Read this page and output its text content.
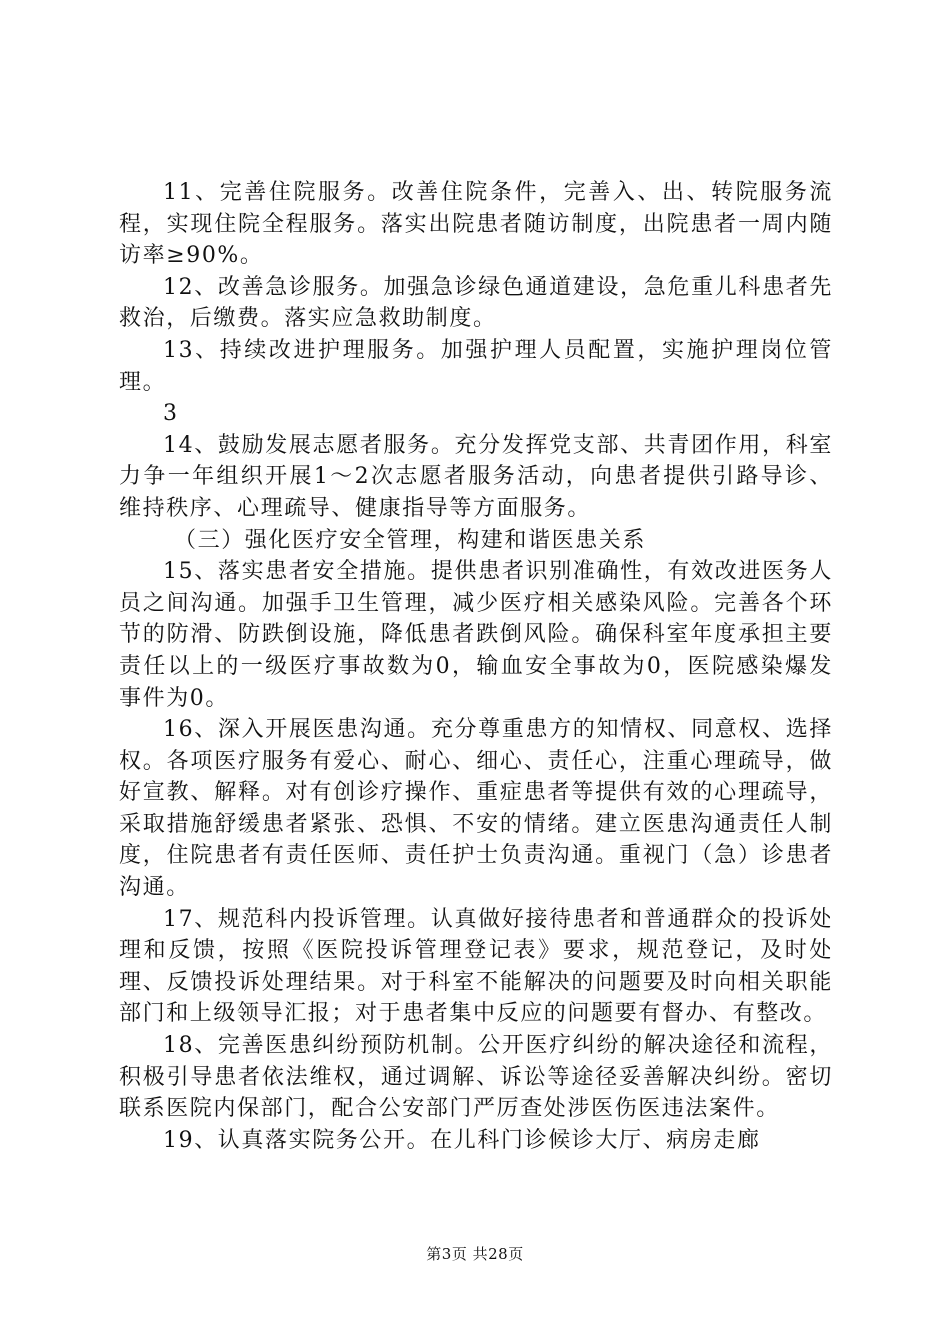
11、完善住院服务。改善住院条件，完善入、出、转院服务流程，实现住院全程服务。落实出院患者随访制度，出院患者一周内随访率≥90%。

12、改善急诊服务。加强急诊绿色通道建设，急危重儿科患者先救治，后缴费。落实应急救助制度。

13、持续改进护理服务。加强护理人员配置，实施护理岗位管理。

3

14、鼓励发展志愿者服务。充分发挥党支部、共青团作用，科室力争一年组织开展1～2次志愿者服务活动，向患者提供引路导诊、维持秩序、心理疏导、健康指导等方面服务。

（三）强化医疗安全管理，构建和谐医患关系

15、落实患者安全措施。提供患者识别准确性，有效改进医务人员之间沟通。加强手卫生管理，减少医疗相关感染风险。完善各个环节的防滑、防跌倒设施，降低患者跌倒风险。确保科室年度承担主要责任以上的一级医疗事故数为0，输血安全事故为0，医院感染爆发事件为0。

16、深入开展医患沟通。充分尊重患方的知情权、同意权、选择权。各项医疗服务有爱心、耐心、细心、责任心，注重心理疏导，做好宣教、解释。对有创诊疗操作、重症患者等提供有效的心理疏导，采取措施舒缓患者紧张、恐惧、不安的情绪。建立医患沟通责任人制度，住院患者有责任医师、责任护士负责沟通。重视门（急）诊患者沟通。

17、规范科内投诉管理。认真做好接待患者和普通群众的投诉处理和反馈，按照《医院投诉管理登记表》要求，规范登记，及时处理、反馈投诉处理结果。对于科室不能解决的问题要及时向相关职能部门和上级领导汇报；对于患者集中反应的问题要有督办、有整改。

18、完善医患纠纷预防机制。公开医疗纠纷的解决途径和流程，积极引导患者依法维权，通过调解、诉讼等途径妥善解决纠纷。密切联系医院内保部门，配合公安部门严厉查处涉医伤医违法案件。

19、认真落实院务公开。在儿科门诊候诊大厅、病房走廊

第3页 共28页
